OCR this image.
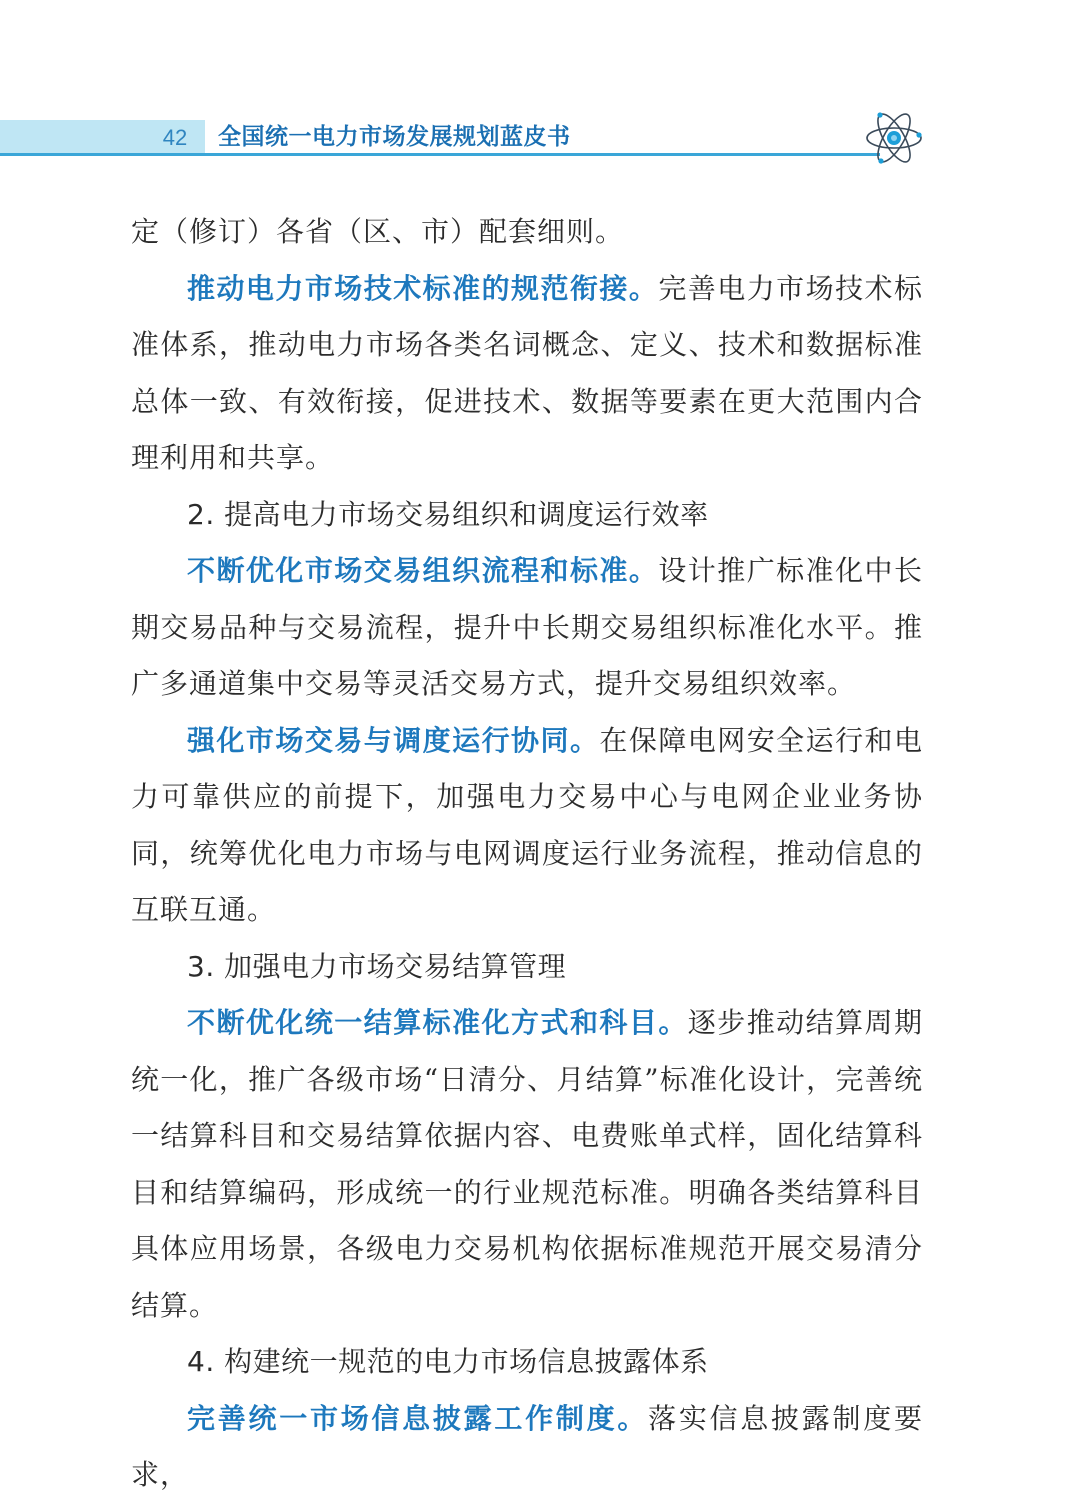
42	全国统一电力市场发展规划蓝皮书

定（修订）各省（区、市）配套细则。

推动电力市场技术标准的规范衔接。完善电力市场技术标准体系，推动电力市场各类名词概念、定义、技术和数据标准总体一致、有效衔接，促进技术、数据等要素在更大范围内合理利用和共享。

2. 提高电力市场交易组织和调度运行效率

不断优化市场交易组织流程和标准。设计推广标准化中长期交易品种与交易流程，提升中长期交易组织标准化水平。推广多通道集中交易等灵活交易方式，提升交易组织效率。

强化市场交易与调度运行协同。在保障电网安全运行和电力可靠供应的前提下，加强电力交易中心与电网企业业务协同，统筹优化电力市场与电网调度运行业务流程，推动信息的互联互通。

3. 加强电力市场交易结算管理

不断优化统一结算标准化方式和科目。逐步推动结算周期统一化，推广各级市场“日清分、月结算”标准化设计，完善统一结算科目和交易结算依据内容、电费账单式样，固化结算科目和结算编码，形成统一的行业规范标准。明确各类结算科目具体应用场景，各级电力交易机构依据标准规范开展交易清分结算。

4. 构建统一规范的电力市场信息披露体系

完善统一市场信息披露工作制度。落实信息披露制度要求，
